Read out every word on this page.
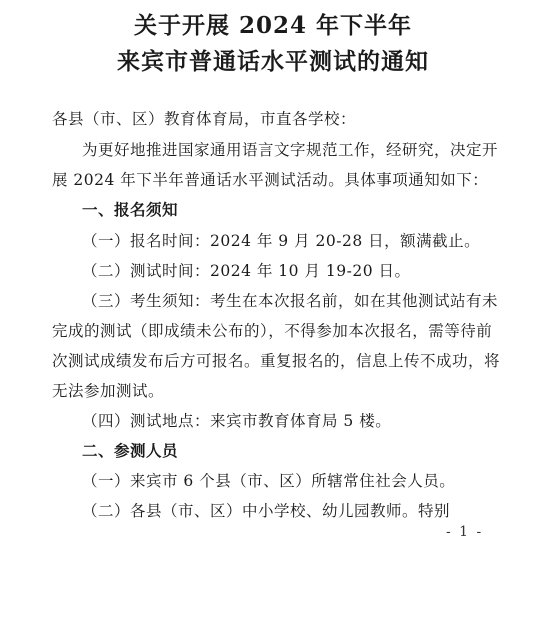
关于开展 2024 年下半年
来宾市普通话水平测试的通知
各县（市、区）教育体育局，市直各学校：
为更好地推进国家通用语言文字规范工作，经研究，决定开
展 2024 年下半年普通话水平测试活动。具体事项通知如下：
一、报名须知
（一）报名时间：2024 年 9 月 20-28 日，额满截止。
（二）测试时间：2024 年 10 月 19-20 日。
（三）考生须知：考生在本次报名前，如在其他测试站有未
完成的测试（即成绩未公布的），不得参加本次报名，需等待前
次测试成绩发布后方可报名。重复报名的，信息上传不成功，将
无法参加测试。
（四）测试地点：来宾市教育体育局 5 楼。
二、参测人员
（一）来宾市 6 个县（市、区）所辖常住社会人员。
（二）各县（市、区）中小学校、幼儿园教师。特别
- 1 -
